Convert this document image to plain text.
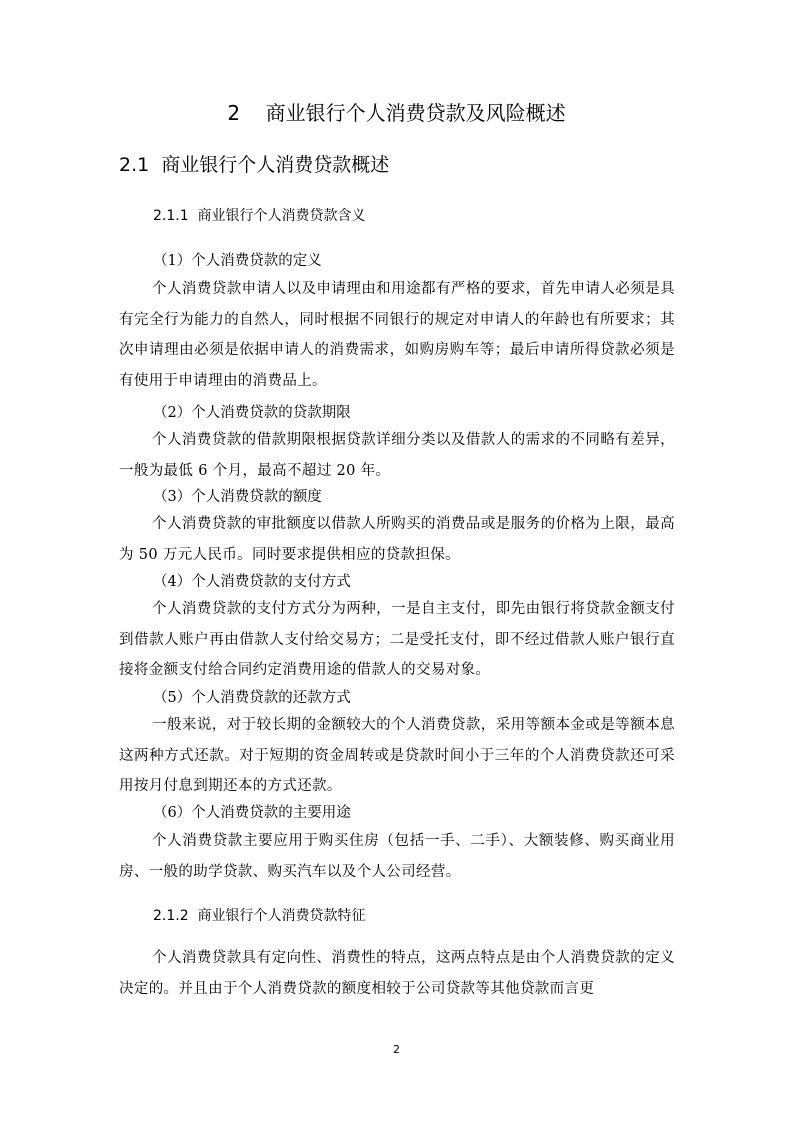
2    商业银行个人消费贷款及风险概述
2.1  商业银行个人消费贷款概述
2.1.1  商业银行个人消费贷款含义
（1）个人消费贷款的定义

个人消费贷款申请人以及申请理由和用途都有严格的要求，首先申请人必须是具有完全行为能力的自然人，同时根据不同银行的规定对申请人的年龄也有所要求；其次申请理由必须是依据申请人的消费需求，如购房购车等；最后申请所得贷款必须是有使用于申请理由的消费品上。

（2）个人消费贷款的贷款期限

个人消费贷款的借款期限根据贷款详细分类以及借款人的需求的不同略有差异，一般为最低 6 个月，最高不超过 20 年。

（3）个人消费贷款的额度

个人消费贷款的审批额度以借款人所购买的消费品或是服务的价格为上限，最高为 50 万元人民币。同时要求提供相应的贷款担保。

（4）个人消费贷款的支付方式

个人消费贷款的支付方式分为两种，一是自主支付，即先由银行将贷款金额支付到借款人账户再由借款人支付给交易方；二是受托支付，即不经过借款人账户银行直接将金额支付给合同约定消费用途的借款人的交易对象。

（5）个人消费贷款的还款方式

一般来说，对于较长期的金额较大的个人消费贷款，采用等额本金或是等额本息这两种方式还款。对于短期的资金周转或是贷款时间小于三年的个人消费贷款还可采用按月付息到期还本的方式还款。

（6）个人消费贷款的主要用途

个人消费贷款主要应用于购买住房（包括一手、二手）、大额装修、购买商业用房、一般的助学贷款、购买汽车以及个人公司经营。

2.1.2  商业银行个人消费贷款特征

个人消费贷款具有定向性、消费性的特点，这两点特点是由个人消费贷款的定义决定的。并且由于个人消费贷款的额度相较于公司贷款等其他贷款而言更

2
